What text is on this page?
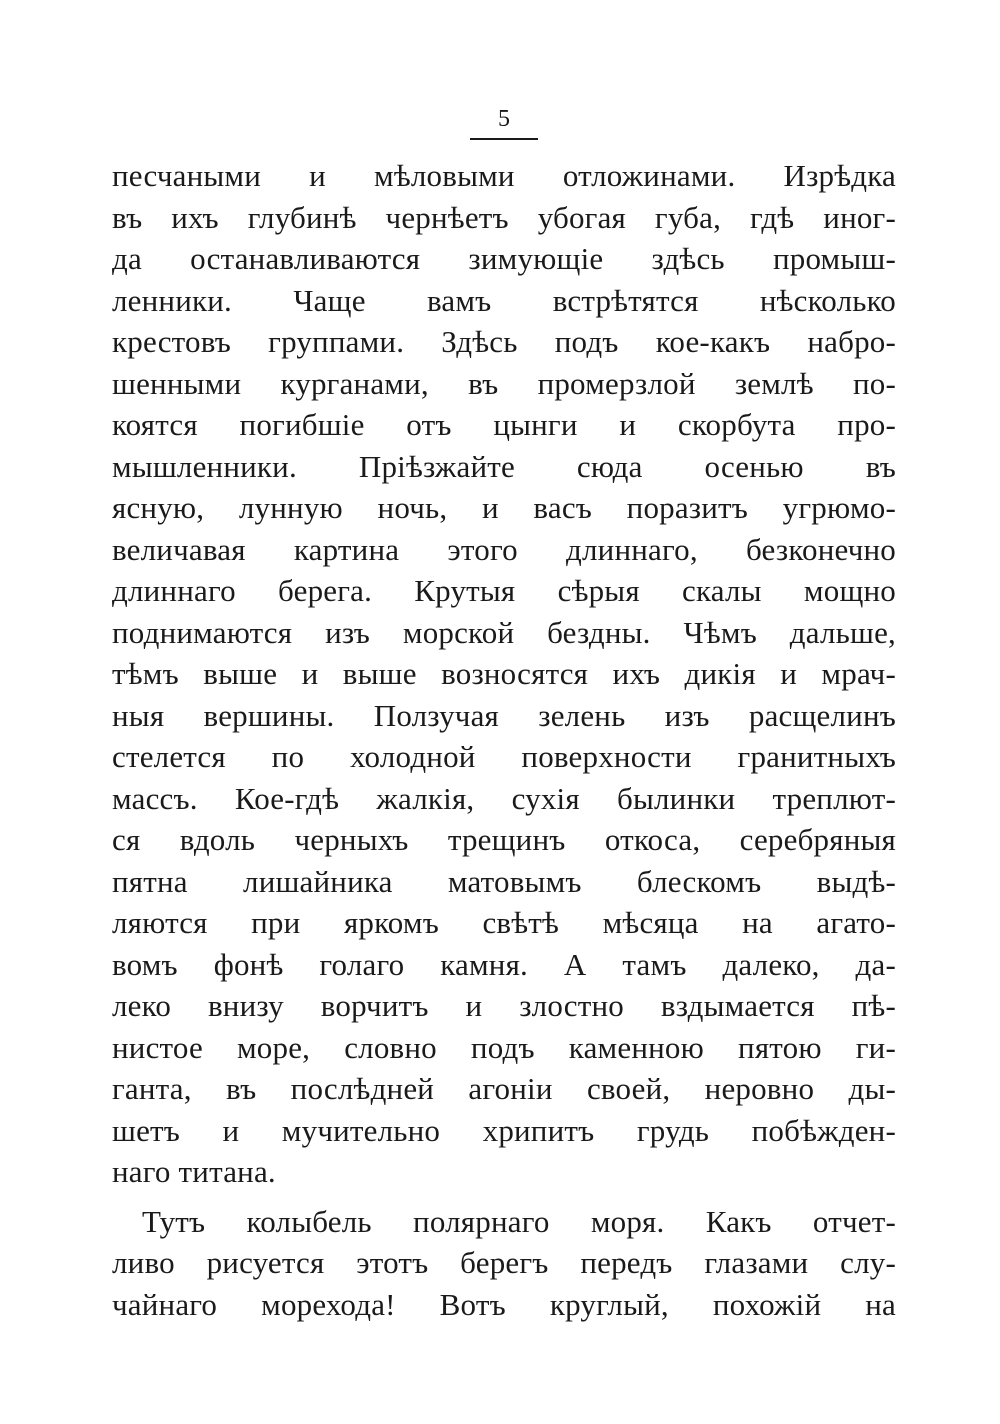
5
песчаными и мѣловыми отложинами. Изрѣдка
въ ихъ глубинѣ чернѣетъ убогая губа, гдѣ иног-
да останавливаются зимующіе здѣсь промыш-
ленники. Чаще вамъ встрѣтятся нѣсколько
крестовъ группами. Здѣсь подъ кое-какъ набро-
шенными курганами, въ промерзлой землѣ по-
коятся погибшіе отъ цынги и скорбута про-
мышленники. Пріѣзжайте сюда осенью въ
ясную, лунную ночь, и васъ поразитъ угрюмо-
величавая картина этого длиннаго, безконечно
длиннаго берега. Крутыя сѣрыя скалы мощно
поднимаются изъ морской бездны. Чѣмъ дальше,
тѣмъ выше и выше возносятся ихъ дикія и мрач-
ныя вершины. Ползучая зелень изъ расщелинъ
стелется по холодной поверхности гранитныхъ
массъ. Кое-гдѣ жалкія, сухія былинки треплют-
ся вдоль черныхъ трещинъ откоса, серебряныя
пятна лишайника матовымъ блескомъ выдѣ-
ляются при яркомъ свѣтѣ мѣсяца на агато-
вомъ фонѣ голаго камня. А тамъ далеко, да-
леко внизу ворчитъ и злостно вздымается пѣ-
нистое море, словно подъ каменною пятою ги-
ганта, въ послѣдней агоніи своей, неровно ды-
шетъ и мучительно хрипитъ грудь побѣжден-
наго титана.
Тутъ колыбель полярнаго моря. Какъ отчет-
ливо рисуется этотъ берегъ передъ глазами слу-
чайнаго морехода! Вотъ круглый, похожій на
